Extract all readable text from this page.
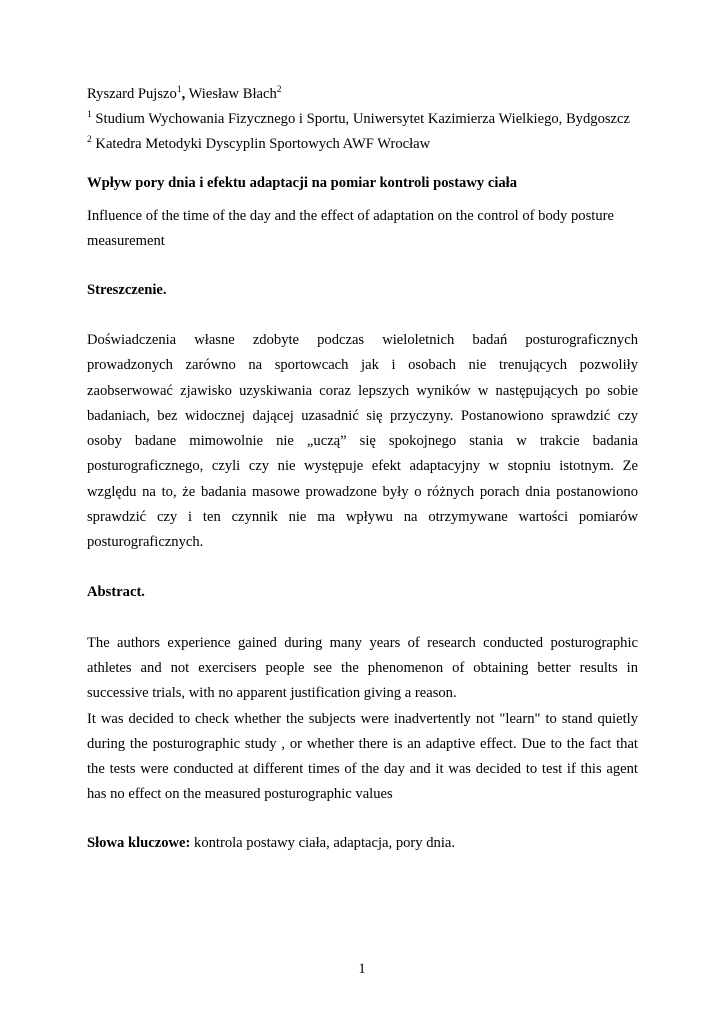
Ryszard Pujszo$^1$, Wiesław Błach$^2$

$^1$ Studium Wychowania Fizycznego i Sportu, Uniwersytet Kazimierza Wielkiego, Bydgoszcz

$^2$ Katedra Metodyki Dyscyplin Sportowych AWF Wrocław

Wpływ pory dnia i efektu adaptacji na pomiar kontroli postawy ciała

Influence of the time of the day and the effect of adaptation on the control of body posture measurement

Streszczenie.

Doświadczenia własne zdobyte podczas wieloletnich badań posturograficznych prowadzonych zarówno na sportowcach jak i osobach nie trenujących pozwoliły zaobserwować zjawisko uzyskiwania coraz lepszych wyników w następujących po sobie badaniach, bez widocznej dającej uzasadnić się przyczyny. Postanowiono sprawdzić czy osoby badane mimowolnie nie „uczą” się spokojnego stania w trakcie badania posturograficznego, czyli czy nie występuje efekt adaptacyjny w stopniu istotnym. Ze względu na to, że badania masowe prowadzone były o różnych porach dnia postanowiono sprawdzić czy i ten czynnik nie ma wpływu na otrzymywane wartości pomiarów posturograficznych.

Abstract.

The authors experience gained during many years of research conducted posturographic athletes and not exercisers people see the phenomenon of obtaining better results in successive trials, with no apparent justification giving a reason.

It was decided to check whether the subjects were inadvertently not "learn" to stand quietly during the posturographic study , or whether there is an adaptive effect. Due to the fact that the tests were conducted at different times of the day and it was decided to test if this agent has no effect on the measured posturographic values

Słowa kluczowe: kontrola postawy ciała, adaptacja, pory dnia.

1
